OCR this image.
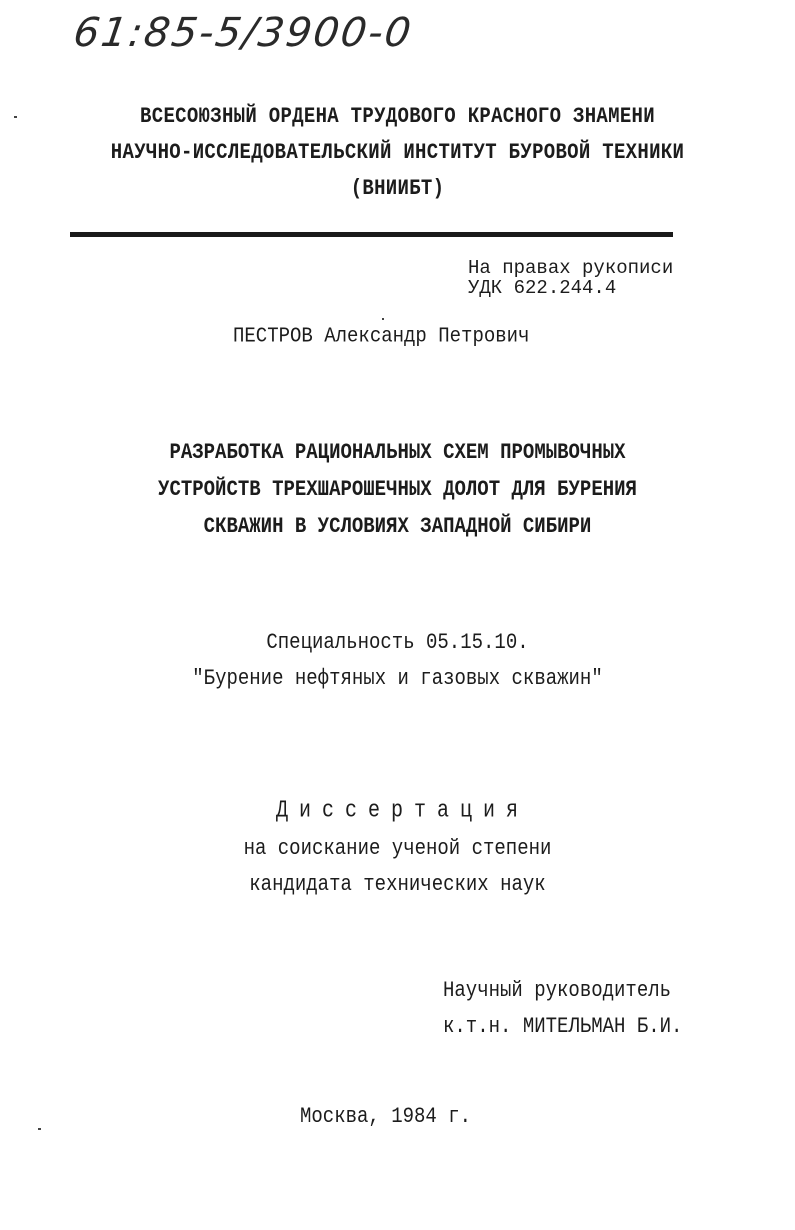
61:85-5/3900-0
ВСЕСОЮЗНЫЙ ОРДЕНА ТРУДОВОГО КРАСНОГО ЗНАМЕНИ
НАУЧНО-ИССЛЕДОВАТЕЛЬСКИЙ ИНСТИТУТ БУРОВОЙ ТЕХНИКИ
(ВНИИБТ)
На правах рукописи
УДК 622.244.4
ПЕСТРОВ Александр Петрович
РАЗРАБОТКА РАЦИОНАЛЬНЫХ СХЕМ ПРОМЫВОЧНЫХ
УСТРОЙСТВ ТРЕХШАРОШЕЧНЫХ ДОЛОТ ДЛЯ БУРЕНИЯ
СКВАЖИН В УСЛОВИЯХ ЗАПАДНОЙ СИБИРИ
Специальность 05.15.10.
"Бурение нефтяных и газовых скважин"
Диссертация
на соискание ученой степени
кандидата технических наук
Научный руководитель
к.т.н. МИТЕЛЬМАН Б.И.
Москва, 1984 г.
